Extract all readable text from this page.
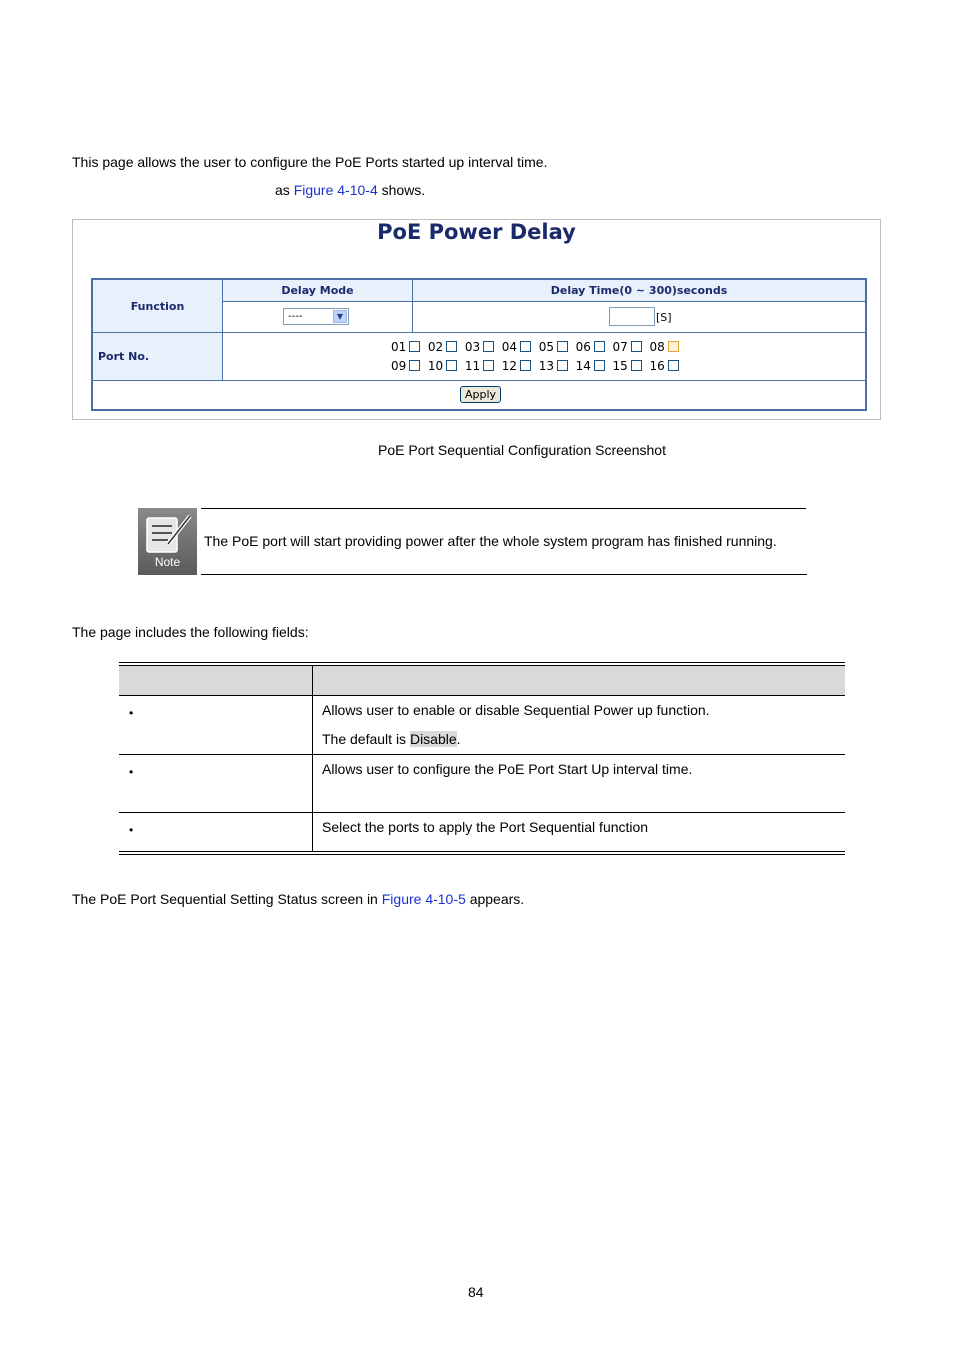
This page allows the user to configure the PoE Ports started up interval time.
as Figure 4-10-4 shows.
PoE Power Delay
Function
Delay Mode	Delay Time(0 ~ 300)seconds
----	▼	[S]
Port No.
01 02 03 04 05 06 07 08
09 10 11 12 13 14 15 16
Apply
PoE Port Sequential Configuration Screenshot
Note
The PoE port will start providing power after the whole system program has finished running.
The page includes the following fields:
•	Allows user to enable or disable Sequential Power up function.
The default is Disable.
•	Allows user to configure the PoE Port Start Up interval time.
•	Select the ports to apply the Port Sequential function
The PoE Port Sequential Setting Status screen in Figure 4-10-5 appears.
84
